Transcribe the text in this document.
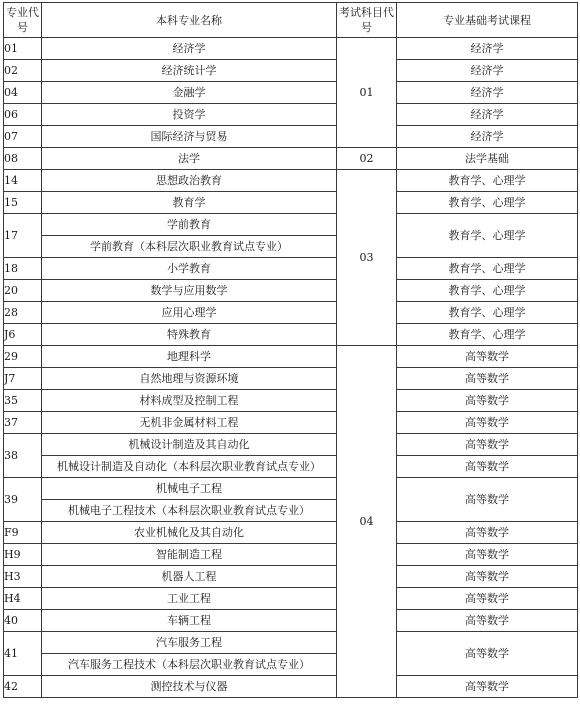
专业代号	本科专业名称	考试科目代号	专业基础考试课程
01	经济学	01	经济学
02	经济统计学		经济学
04	金融学		经济学
06	投资学		经济学
07	国际经济与贸易		经济学
08	法学	02	法学基础
14	思想政治教育	03	教育学、心理学
15	教育学		教育学、心理学
17	学前教育		教育学、心理学
	学前教育（本科层次职业教育试点专业）		
18	小学教育		教育学、心理学
20	数学与应用数学		教育学、心理学
28	应用心理学		教育学、心理学
J6	特殊教育		教育学、心理学
29	地理科学	04	高等数学
J7	自然地理与资源环境		高等数学
35	材料成型及控制工程		高等数学
37	无机非金属材料工程		高等数学
38	机械设计制造及其自动化		高等数学
	机械设计制造及自动化（本科层次职业教育试点专业）		高等数学
39	机械电子工程		高等数学
	机械电子工程技术（本科层次职业教育试点专业）		
F9	农业机械化及其自动化		高等数学
H9	智能制造工程		高等数学
H3	机器人工程		高等数学
H4	工业工程		高等数学
40	车辆工程		高等数学
41	汽车服务工程		高等数学
	汽车服务工程技术（本科层次职业教育试点专业）		
42	测控技术与仪器		高等数学
